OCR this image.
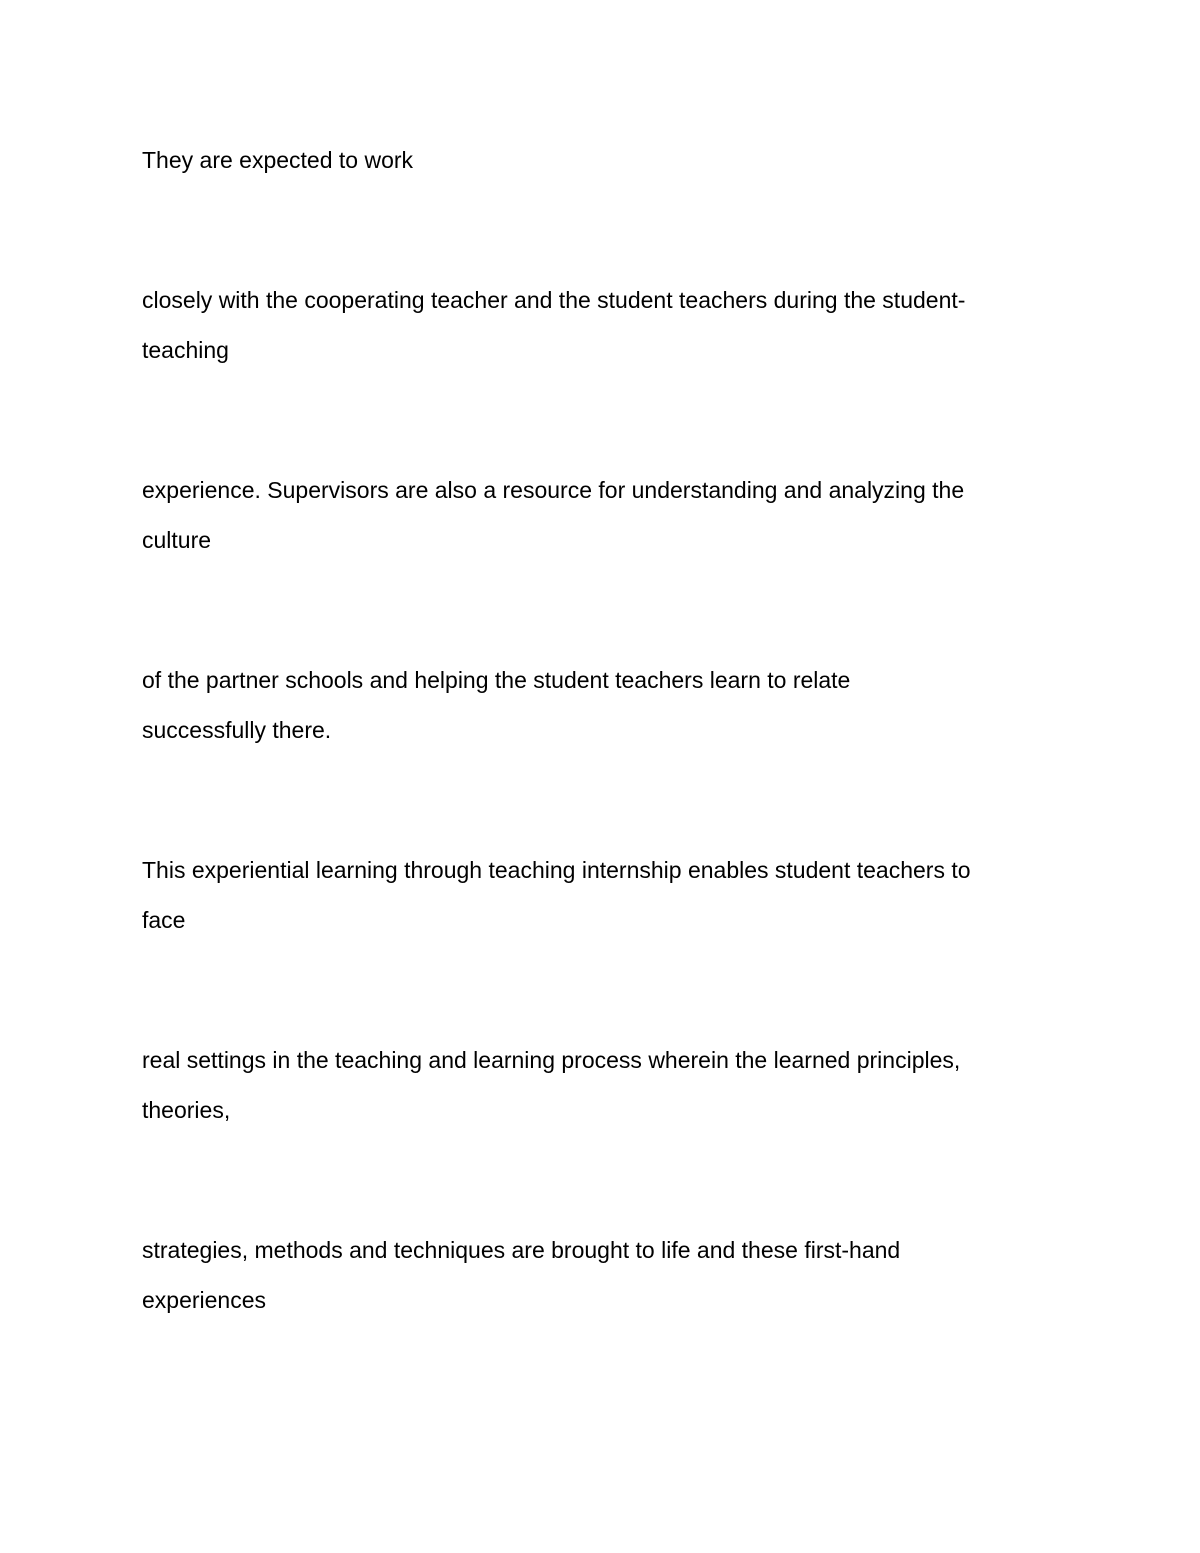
They are expected to work

closely with the cooperating teacher and the student teachers during the student-

teaching

experience. Supervisors are also a resource for understanding and analyzing the

culture

of the partner schools and helping the student teachers learn to relate

successfully there.

This experiential learning through teaching internship enables student teachers to

face

real settings in the teaching and learning process wherein the learned principles,

theories,

strategies, methods and techniques are brought to life and these first-hand

experiences
